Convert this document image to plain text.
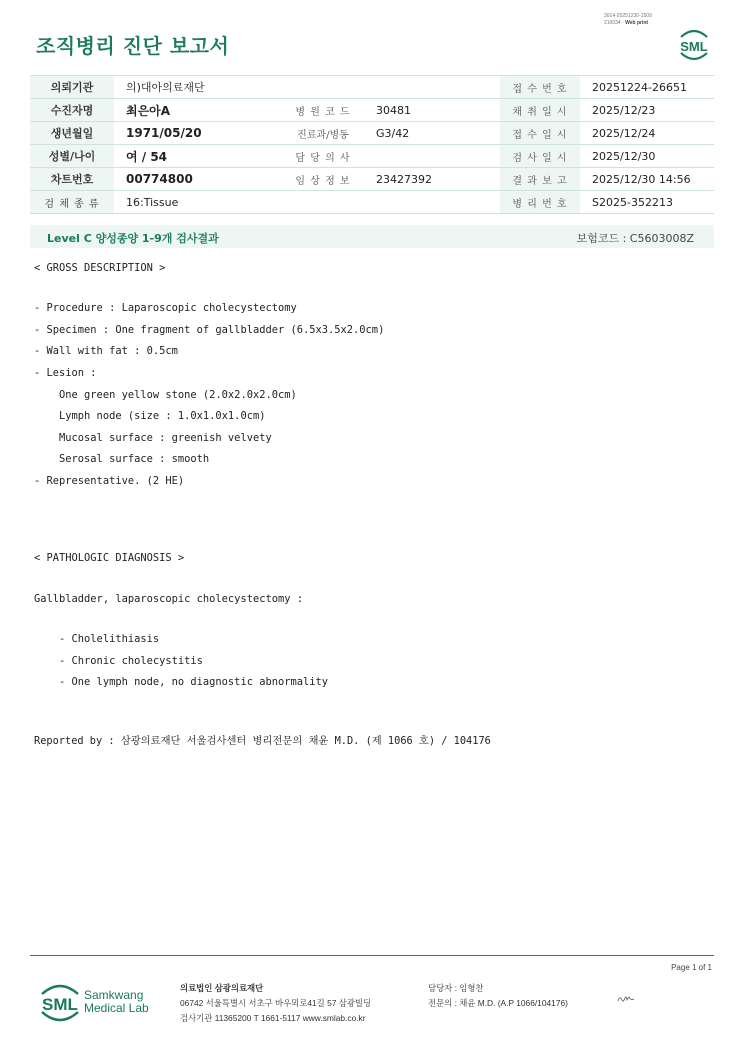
3014-20251230-1509
210034 · Web print
조직병리 진단 보고서	SML
의뢰기관	의)대아의료재단			접 수 번 호	20251224-26651
수진자명	최은아A	병 원 코 드	30481	채 취 일 시	2025/12/23
생년월일	1971/05/20	진료과/병동	G3/42	접 수 일 시	2025/12/24
성별/나이	여 / 54	담 당 의 사		검 사 일 시	2025/12/30
차트번호	00774800	임 상 정 보	23427392	결 과 보 고	2025/12/30 14:56
검 체 종 류	16:Tissue			병 리 번 호	S2025-352213
Level C 양성종양 1-9개 검사결과	보험코드 : C5603008Z
< GROSS DESCRIPTION >
- Procedure : Laparoscopic cholecystectomy
- Specimen : One fragment of gallbladder (6.5x3.5x2.0cm)
- Wall with fat : 0.5cm
- Lesion :
One green yellow stone (2.0x2.0x2.0cm)
Lymph node (size : 1.0x1.0x1.0cm)
Mucosal surface : greenish velvety
Serosal surface : smooth
- Representative. (2 HE)
< PATHOLOGIC DIAGNOSIS >
Gallbladder, laparoscopic cholecystectomy :
- Cholelithiasis
- Chronic cholecystitis
- One lymph node, no diagnostic abnormality
Reported by : 삼광의료재단 서울검사센터 병리전문의 채윤 M.D. (제 1066 호) / 104176
Page 1 of 1
SML Samkwang
Medical Lab
의료법인 삼광의료재단
06742 서울특별시 서초구 바우뫼로41길 57 삼광빌딩
검사기관 11365200 T 1661-5117 www.smlab.co.kr
담당자 : 임형찬
전문의 : 채윤 M.D. (A.P 1066/104176)
